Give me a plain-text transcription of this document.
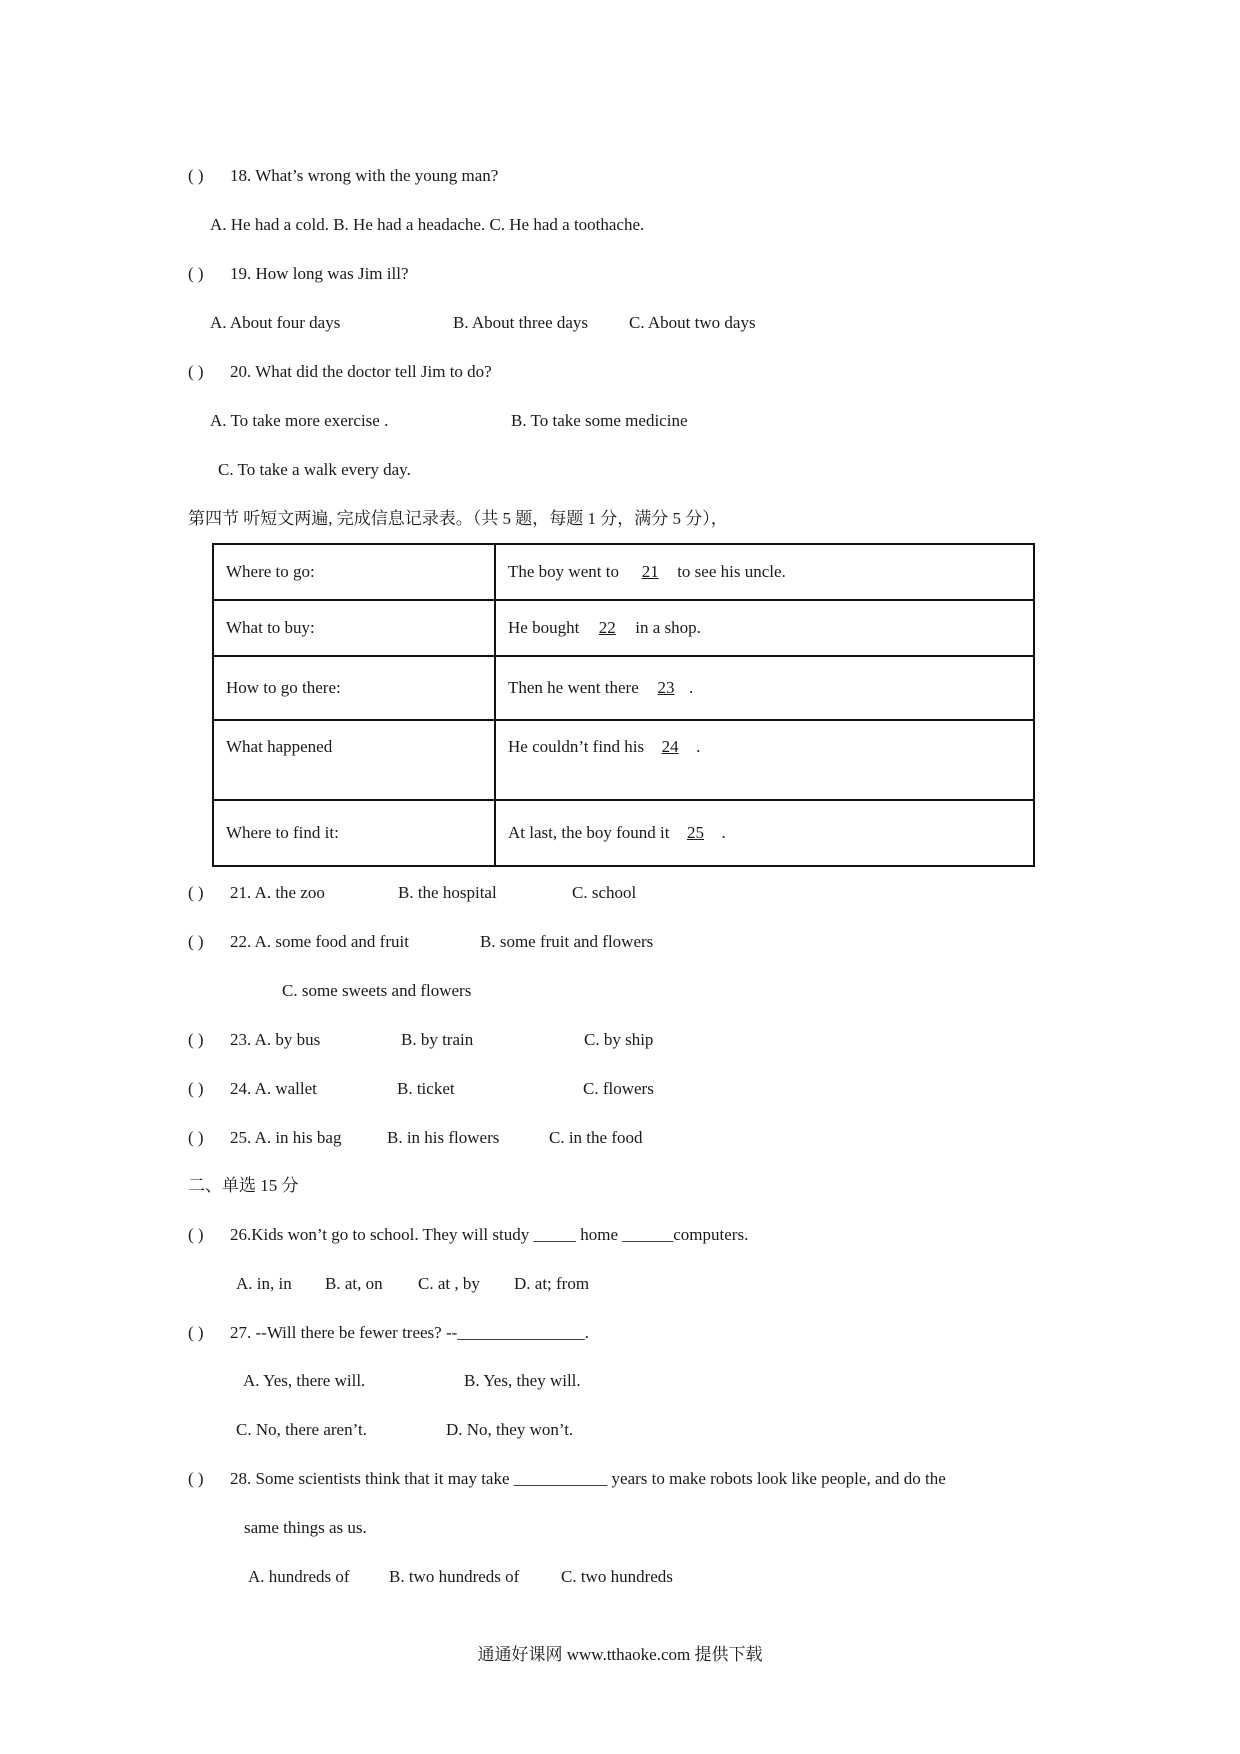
( ) 18. What’s wrong with the young man?
A. He had a cold. B. He had a headache. C. He had a toothache.
( ) 19. How long was Jim ill?
A. About four days	B. About three days C. About two days
( ) 20. What did the doctor tell Jim to do?
A. To take more exercise .	B. To take some medicine
C. To take a walk every day.
第四节 听短文两遍, 完成信息记录表。（共 5 题，每题 1 分，满分 5 分），
Where to go:	The boy went to 21 to see his uncle.
What to buy:	He bought 22 in a shop.
How to go there:	Then he went there 23 .
What happened	He couldn’t find his 24 .
Where to find it:	At last, the boy found it 25 .
( ) 21. A. the zoo	B. the hospital	C. school
( ) 22. A. some food and fruit	B. some fruit and flowers
C. some sweets and flowers
( ) 23. A. by bus	B. by train	C. by ship
( ) 24. A. wallet	B. ticket	C. flowers
( ) 25. A. in his bag	B. in his flowers	C. in the food
二、单选 15 分
( ) 26.Kids won’t go to school. They will study _____ home ______computers.
A. in, in B. at, on C. at , by D. at; from
( ) 27. --Will there be fewer trees? --_______________.
A. Yes, there will.	B. Yes, they will.
C. No, there aren’t.	D. No, they won’t.
( ) 28. Some scientists think that it may take ___________ years to make robots look like people, and do the
same things as us.
A. hundreds of B. two hundreds of C. two hundreds
通通好课网 www.tthaoke.com 提供下载
